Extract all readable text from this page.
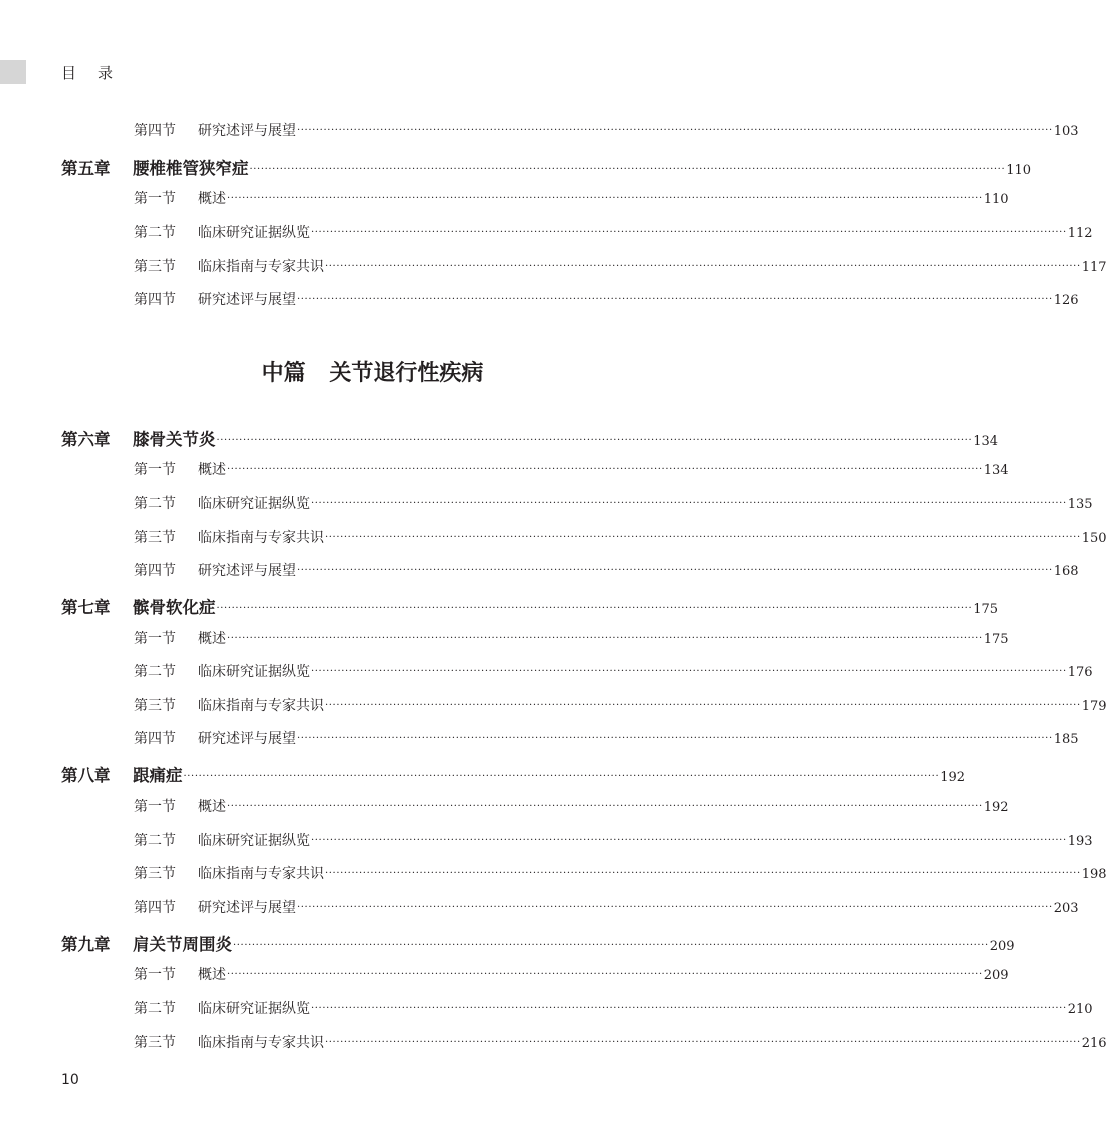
目录
中篇 关节退行性疾病
第四节	研究述评与展望 ········································································································································································································ 103
第五章	腰椎椎管狭窄症 ········································································································································································································ 110
第一节	概述 ········································································································································································································ 110
第二节	临床研究证据纵览 ········································································································································································································ 112
第三节	临床指南与专家共识 ········································································································································································································ 117
第四节	研究述评与展望 ········································································································································································································ 126
第六章	膝骨关节炎 ········································································································································································································ 134
第一节	概述 ········································································································································································································ 134
第二节	临床研究证据纵览 ········································································································································································································ 135
第三节	临床指南与专家共识 ········································································································································································································ 150
第四节	研究述评与展望 ········································································································································································································ 168
第七章	髌骨软化症 ········································································································································································································ 175
第一节	概述 ········································································································································································································ 175
第二节	临床研究证据纵览 ········································································································································································································ 176
第三节	临床指南与专家共识 ········································································································································································································ 179
第四节	研究述评与展望 ········································································································································································································ 185
第八章	跟痛症 ········································································································································································································ 192
第一节	概述 ········································································································································································································ 192
第二节	临床研究证据纵览 ········································································································································································································ 193
第三节	临床指南与专家共识 ········································································································································································································ 198
第四节	研究述评与展望 ········································································································································································································ 203
第九章	肩关节周围炎 ········································································································································································································ 209
第一节	概述 ········································································································································································································ 209
第二节	临床研究证据纵览 ········································································································································································································ 210
第三节	临床指南与专家共识 ········································································································································································································ 216
10
